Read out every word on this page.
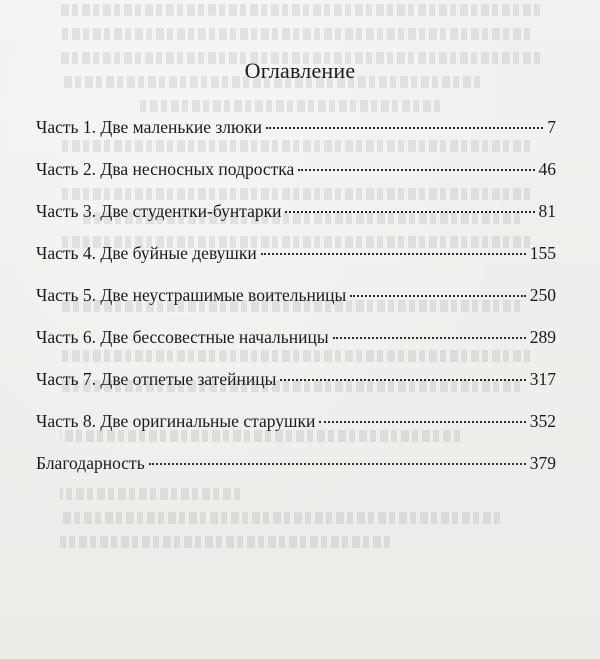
Оглавление
Часть 1. Две маленькие злюки	7
Часть 2. Два несносных подростка	46
Часть 3. Две студентки-бунтарки	81
Часть 4. Две буйные девушки	155
Часть 5. Две неустрашимые воительницы	250
Часть 6. Две бессовестные начальницы	289
Часть 7. Две отпетые затейницы	317
Часть 8. Две оригинальные старушки	352
Благодарность	379
